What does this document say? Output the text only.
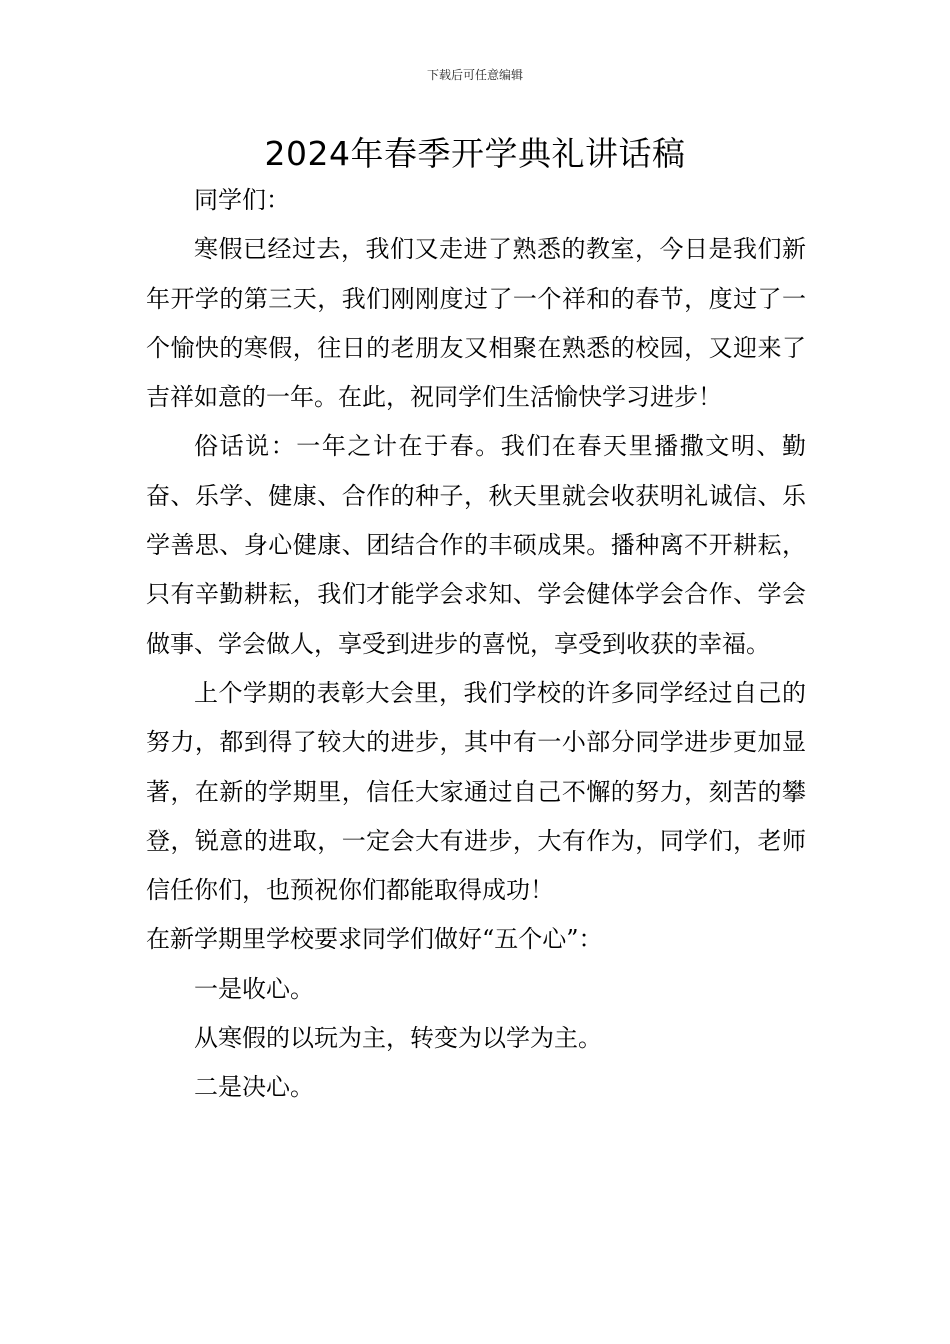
下载后可任意编辑
2024年春季开学典礼讲话稿

同学们：

寒假已经过去，我们又走进了熟悉的教室，今日是我们新年开学的第三天，我们刚刚度过了一个祥和的春节，度过了一个愉快的寒假，往日的老朋友又相聚在熟悉的校园，又迎来了吉祥如意的一年。在此，祝同学们生活愉快学习进步！

俗话说：一年之计在于春。我们在春天里播撒文明、勤奋、乐学、健康、合作的种子，秋天里就会收获明礼诚信、乐学善思、身心健康、团结合作的丰硕成果。播种离不开耕耘，只有辛勤耕耘，我们才能学会求知、学会健体学会合作、学会做事、学会做人，享受到进步的喜悦，享受到收获的幸福。

上个学期的表彰大会里，我们学校的许多同学经过自己的努力，都到得了较大的进步，其中有一小部分同学进步更加显著，在新的学期里，信任大家通过自己不懈的努力，刻苦的攀登，锐意的进取，一定会大有进步，大有作为，同学们，老师信任你们，也预祝你们都能取得成功！

在新学期里学校要求同学们做好“五个心”：

一是收心。

从寒假的以玩为主，转变为以学为主。

二是决心。
